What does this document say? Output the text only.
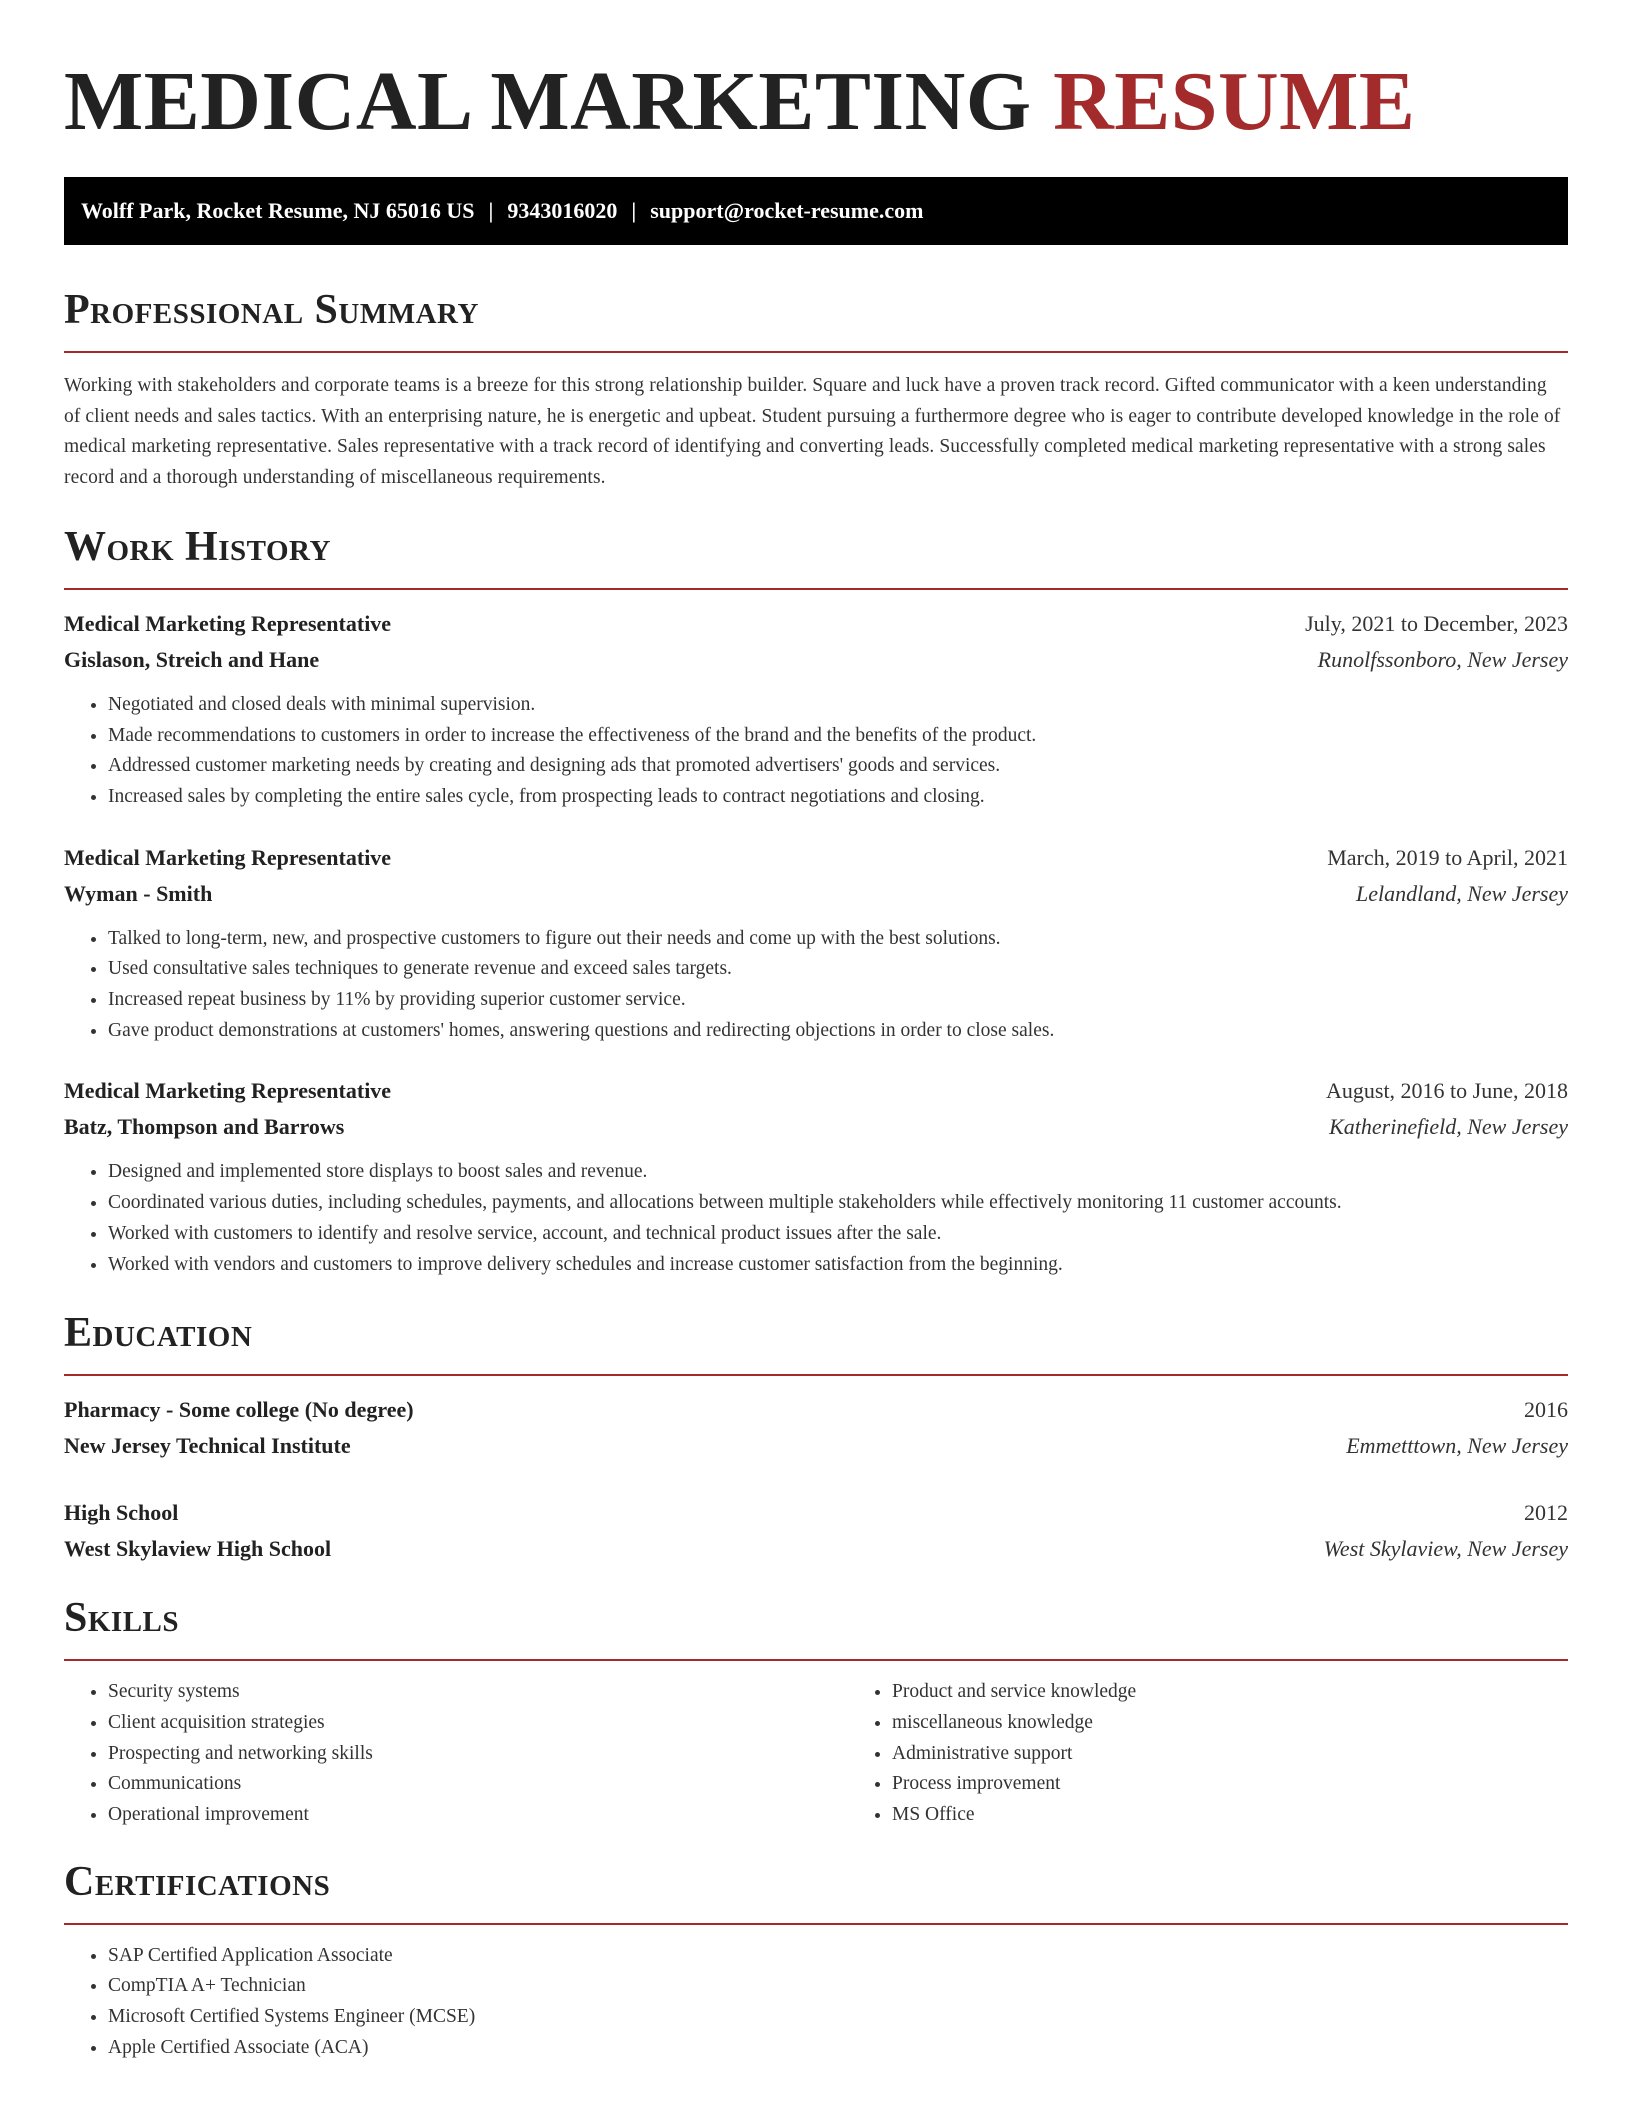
MEDICAL MARKETING RESUME
Wolff Park, Rocket Resume, NJ 65016 US | 9343016020 | support@rocket-resume.com
Professional Summary

Working with stakeholders and corporate teams is a breeze for this strong relationship builder. Square and luck have a proven track record. Gifted communicator with a keen understanding of client needs and sales tactics. With an enterprising nature, he is energetic and upbeat. Student pursuing a furthermore degree who is eager to contribute developed knowledge in the role of medical marketing representative. Sales representative with a track record of identifying and converting leads. Successfully completed medical marketing representative with a strong sales record and a thorough understanding of miscellaneous requirements.

Work History
Medical Marketing Representative	July, 2021 to December, 2023
Gislason, Streich and Hane	Runolfssonboro, New Jersey
• Negotiated and closed deals with minimal supervision.
• Made recommendations to customers in order to increase the effectiveness of the brand and the benefits of the product.
• Addressed customer marketing needs by creating and designing ads that promoted advertisers' goods and services.
• Increased sales by completing the entire sales cycle, from prospecting leads to contract negotiations and closing.
Medical Marketing Representative	March, 2019 to April, 2021
Wyman - Smith	Lelandland, New Jersey
• Talked to long-term, new, and prospective customers to figure out their needs and come up with the best solutions.
• Used consultative sales techniques to generate revenue and exceed sales targets.
• Increased repeat business by 11% by providing superior customer service.
• Gave product demonstrations at customers' homes, answering questions and redirecting objections in order to close sales.
Medical Marketing Representative	August, 2016 to June, 2018
Batz, Thompson and Barrows	Katherinefield, New Jersey
• Designed and implemented store displays to boost sales and revenue.
• Coordinated various duties, including schedules, payments, and allocations between multiple stakeholders while effectively monitoring 11 customer accounts.
• Worked with customers to identify and resolve service, account, and technical product issues after the sale.
• Worked with vendors and customers to improve delivery schedules and increase customer satisfaction from the beginning.
Education
Pharmacy - Some college (No degree)	2016
New Jersey Technical Institute	Emmetttown, New Jersey
High School	2012
West Skylaview High School	West Skylaview, New Jersey
Skills
• Security systems
• Client acquisition strategies
• Prospecting and networking skills
• Communications
• Operational improvement
• Product and service knowledge
• miscellaneous knowledge
• Administrative support
• Process improvement
• MS Office
Certifications
• SAP Certified Application Associate
• CompTIA A+ Technician
• Microsoft Certified Systems Engineer (MCSE)
• Apple Certified Associate (ACA)
